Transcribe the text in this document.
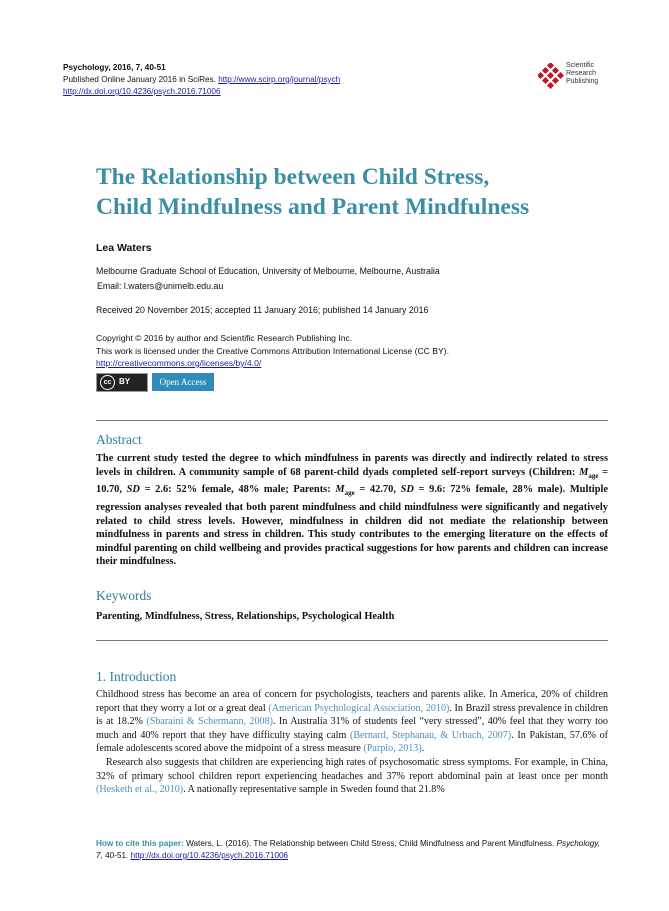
Psychology, 2016, 7, 40-51
Published Online January 2016 in SciRes. http://www.scirp.org/journal/psych
http://dx.doi.org/10.4236/psych.2016.71006
Scientific
Research
Publishing
The Relationship between Child Stress,
Child Mindfulness and Parent Mindfulness
Lea Waters
Melbourne Graduate School of Education, University of Melbourne, Melbourne, Australia
Email: l.waters@unimelb.edu.au
Received 20 November 2015; accepted 11 January 2016; published 14 January 2016
Copyright © 2016 by author and Scientific Research Publishing Inc.
This work is licensed under the Creative Commons Attribution International License (CC BY).
http://creativecommons.org/licenses/by/4.0/
cc BY	Open Access
Abstract

The current study tested the degree to which mindfulness in parents was directly and indirectly related to stress levels in children. A community sample of 68 parent-child dyads completed self-report surveys (Children: $M_{age} = 10.70$, SD = 2.6: 52% female, 48% male; Parents: $M_{age} = 42.70$, SD = 9.6: 72% female, 28% male). Multiple regression analyses revealed that both parent mindfulness and child mindfulness were significantly and negatively related to child stress levels. However, mindfulness in children did not mediate the relationship between mindfulness in parents and stress in children. This study contributes to the emerging literature on the effects of mindful parenting on child wellbeing and provides practical suggestions for how parents and children can increase their mindfulness.

Keywords
Parenting, Mindfulness, Stress, Relationships, Psychological Health
1. Introduction

Childhood stress has become an area of concern for psychologists, teachers and parents alike. In America, 20% of children report that they worry a lot or a great deal (American Psychological Association, 2010). In Brazil stress prevalence in children is at 18.2% (Sbaraini & Schermann, 2008). In Australia 31% of students feel “very stressed”, 40% feel that they worry too much and 40% report that they have difficulty staying calm (Bernard, Stephanau, & Urbach, 2007). In Pakistan, 57.6% of female adolescents scored above the midpoint of a stress measure (Parpio, 2013).

Research also suggests that children are experiencing high rates of psychosomatic stress symptoms. For example, in China, 32% of primary school children report experiencing headaches and 37% report abdominal pain at least once per month (Hesketh et al., 2010). A nationally representative sample in Sweden found that 21.8%

How to cite this paper: Waters, L. (2016). The Relationship between Child Stress, Child Mindfulness and Parent Mindfulness. Psychology, 7, 40-51. http://dx.doi.org/10.4236/psych.2016.71006
